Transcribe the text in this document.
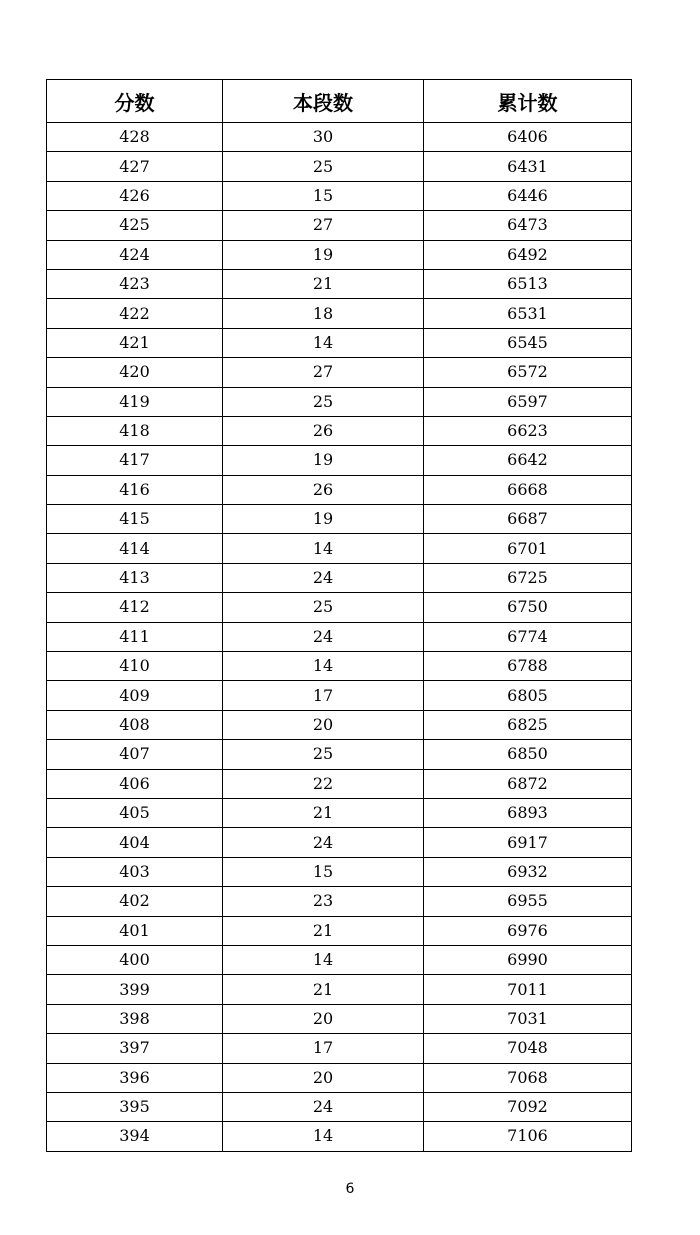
分数	本段数	累计数
428	30	6406
427	25	6431
426	15	6446
425	27	6473
424	19	6492
423	21	6513
422	18	6531
421	14	6545
420	27	6572
419	25	6597
418	26	6623
417	19	6642
416	26	6668
415	19	6687
414	14	6701
413	24	6725
412	25	6750
411	24	6774
410	14	6788
409	17	6805
408	20	6825
407	25	6850
406	22	6872
405	21	6893
404	24	6917
403	15	6932
402	23	6955
401	21	6976
400	14	6990
399	21	7011
398	20	7031
397	17	7048
396	20	7068
395	24	7092
394	14	7106
6
